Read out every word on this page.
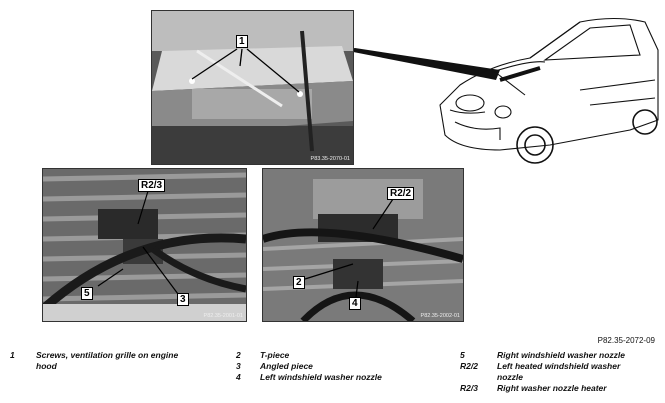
1
P83.35-2070-01
R2/3
5
3
P82.35-2001-01
R2/2
2
4
P82.35-2002-01
P82.35-2072-09
1	Screws, ventilation grille on engine hood
2 T-piece
3 Angled piece
4 Left windshield washer nozzle
5	Right windshield washer nozzle
R2/2 Left heated windshield washer nozzle
R2/3 Right washer nozzle heater
